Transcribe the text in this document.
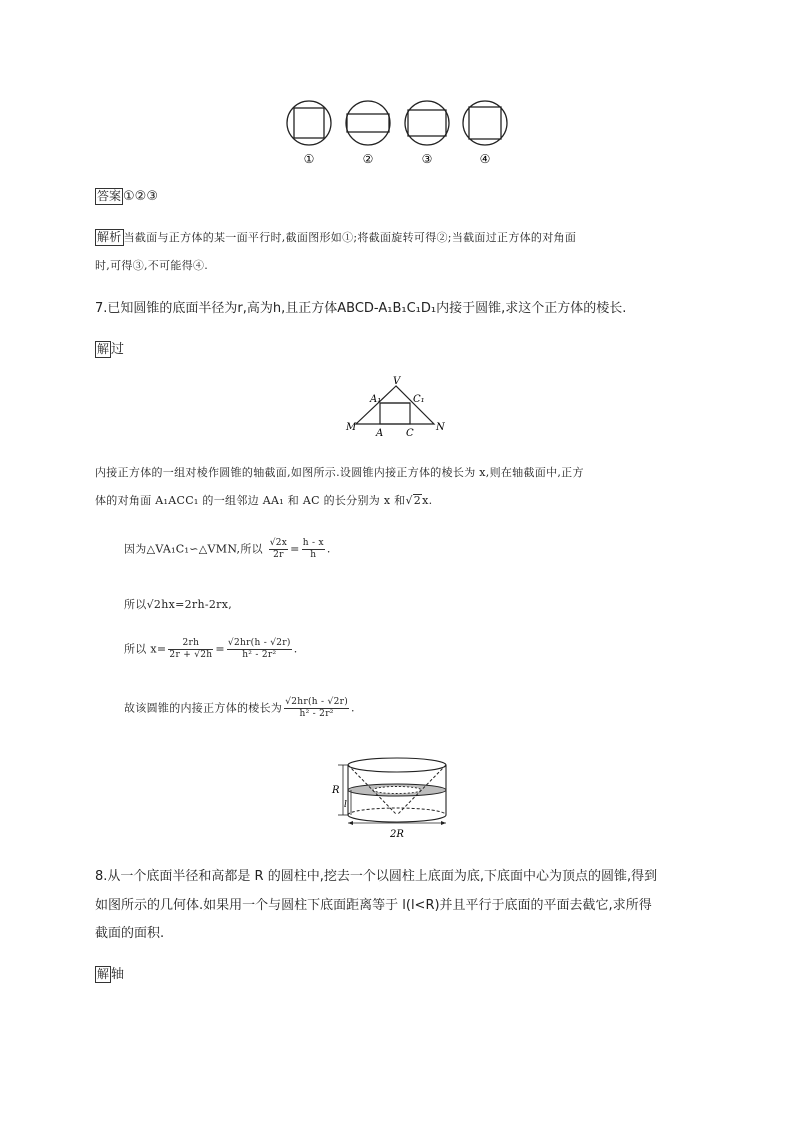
①	②	③	④
答案 ①②③
解析 当截面与正方体的某一面平行时,截面图形如①;将截面旋转可得②;当截面过正方体的对角面
时,可得③,不可能得④.
7.已知圆锥的底面半径为r,高为h,且正方体ABCD-A₁B₁C₁D₁内接于圆锥,求这个正方体的棱长.
解 过
V
A₁	C₁
M
A C
N
内接正方体的一组对棱作圆锥的轴截面,如图所示.设圆锥内接正方体的棱长为 x,则在轴截面中,正方
体的对角面 A₁ACC₁ 的一组邻边 AA₁ 和 AC 的长分别为 x 和√2x.
因为△VA₁C₁∽△VMN,所以 $\frac{√2x}{2r} = \frac{h - x}{h}$ .
所以√2hx=2rh-2rx,
所以 $x= \frac{2rh}{2r + √2h} = \frac{√2hr(h - √2r)}{\text{h² - 2r²}}$ .
故该圆锥的内接正方体的棱长为 $\frac{√2hr(h - √2r)}{\text{h² - 2r²}}$ .
R
l
2R
8.从一个底面半径和高都是 R 的圆柱中,挖去一个以圆柱上底面为底,下底面中心为顶点的圆锥,得到
如图所示的几何体.如果用一个与圆柱下底面距离等于 l(l<R)并且平行于底面的平面去截它,求所得
截面的面积.
解 轴
